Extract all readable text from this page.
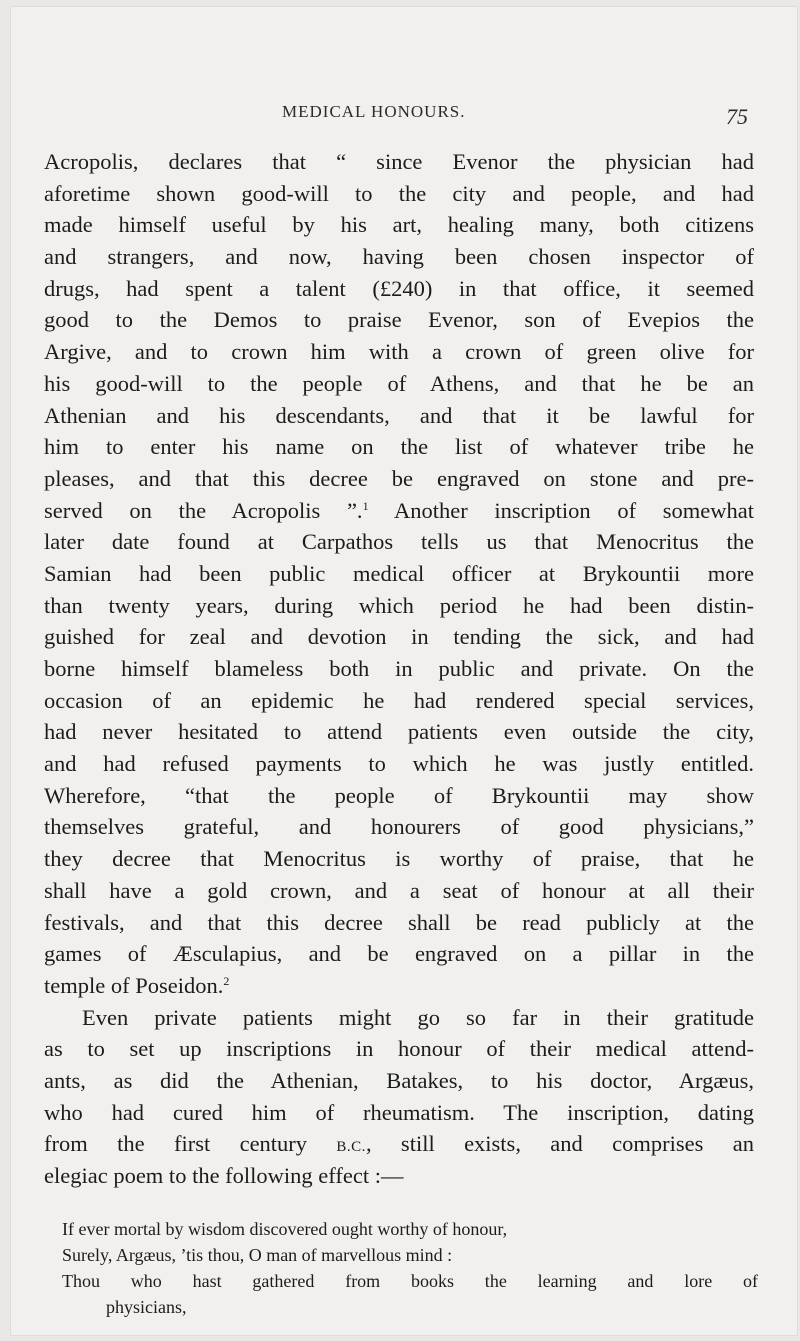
MEDICAL HONOURS.	75
Acropolis, declares that “ since Evenor the physician had
aforetime shown good-will to the city and people, and had
made himself useful by his art, healing many, both citizens
and strangers, and now, having been chosen inspector of
drugs, had spent a talent (£240) in that office, it seemed
good to the Demos to praise Evenor, son of Evepios the
Argive, and to crown him with a crown of green olive for
his good-will to the people of Athens, and that he be an
Athenian and his descendants, and that it be lawful for
him to enter his name on the list of whatever tribe he
pleases, and that this decree be engraved on stone and pre-
served on the Acropolis ”.$^1$ Another inscription of somewhat
later date found at Carpathos tells us that Menocritus the
Samian had been public medical officer at Brykountii more
than twenty years, during which period he had been distin-
guished for zeal and devotion in tending the sick, and had
borne himself blameless both in public and private. On the
occasion of an epidemic he had rendered special services,
had never hesitated to attend patients even outside the city,
and had refused payments to which he was justly entitled.
Wherefore, “that the people of Brykountii may show
themselves grateful, and honourers of good physicians,”
they decree that Menocritus is worthy of praise, that he
shall have a gold crown, and a seat of honour at all their
festivals, and that this decree shall be read publicly at the
games of Æsculapius, and be engraved on a pillar in the
temple of Poseidon.$^2$
Even private patients might go so far in their gratitude
as to set up inscriptions in honour of their medical attend-
ants, as did the Athenian, Batakes, to his doctor, Argæus,
who had cured him of rheumatism. The inscription, dating
from the first century B.C., still exists, and comprises an
elegiac poem to the following effect :—
If ever mortal by wisdom discovered ought worthy of honour,
Surely, Argæus, ’tis thou, O man of marvellous mind :
Thou who hast gathered from books the learning and lore of
physicians,
